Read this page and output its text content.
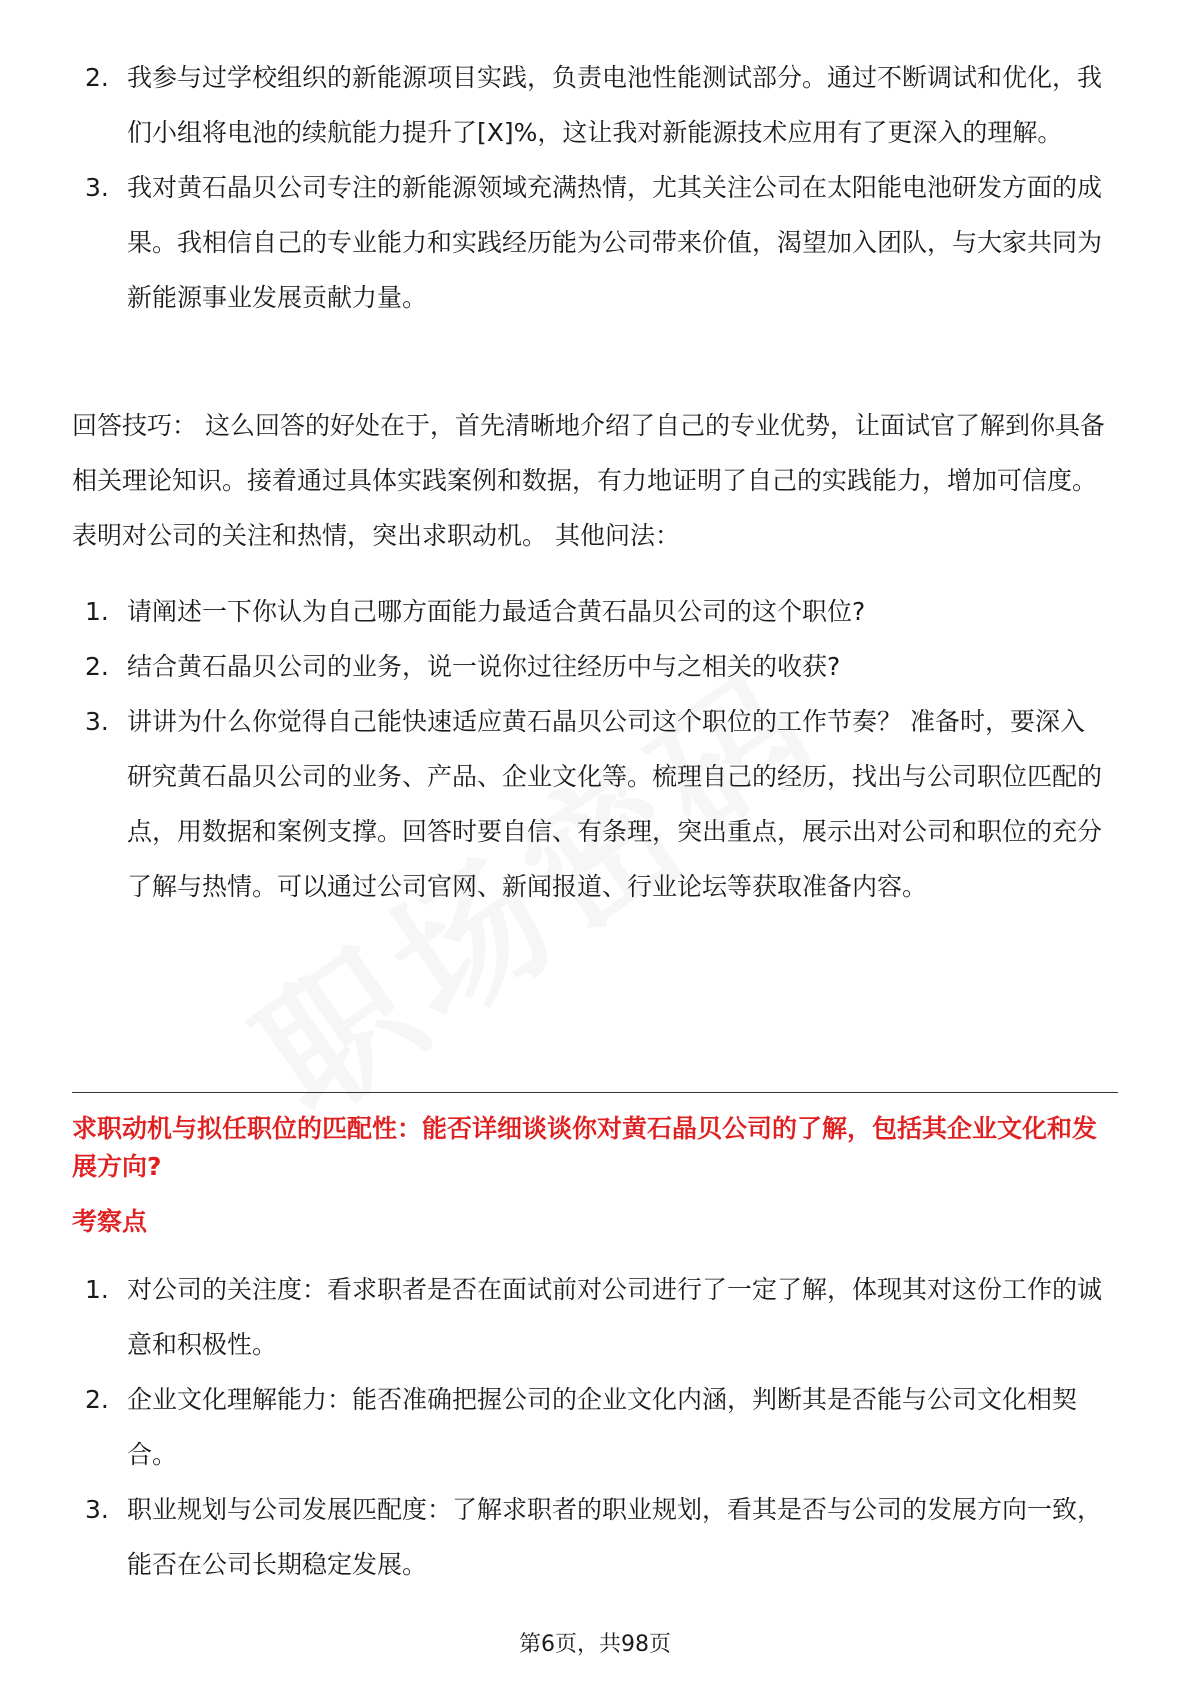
2. 我参与过学校组织的新能源项目实践，负责电池性能测试部分。通过不断调试和优化，我们小组将电池的续航能力提升了[X]%，这让我对新能源技术应用有了更深入的理解。
3. 我对黄石晶贝公司专注的新能源领域充满热情，尤其关注公司在太阳能电池研发方面的成果。我相信自己的专业能力和实践经历能为公司带来价值，渴望加入团队，与大家共同为新能源事业发展贡献力量。

回答技巧： 这么回答的好处在于，首先清晰地介绍了自己的专业优势，让面试官了解到你具备相关理论知识。接着通过具体实践案例和数据，有力地证明了自己的实践能力，增加可信度。表明对公司的关注和热情，突出求职动机。 其他问法：

1. 请阐述一下你认为自己哪方面能力最适合黄石晶贝公司的这个职位?
2. 结合黄石晶贝公司的业务，说一说你过往经历中与之相关的收获?
3. 讲讲为什么你觉得自己能快速适应黄石晶贝公司这个职位的工作节奏？ 准备时，要深入研究黄石晶贝公司的业务、产品、企业文化等。梳理自己的经历，找出与公司职位匹配的点，用数据和案例支撑。回答时要自信、有条理，突出重点，展示出对公司和职位的充分了解与热情。可以通过公司官网、新闻报道、行业论坛等获取准备内容。
求职动机与拟任职位的匹配性：能否详细谈谈你对黄石晶贝公司的了解，包括其企业文化和发展方向?
考察点
1. 对公司的关注度：看求职者是否在面试前对公司进行了一定了解，体现其对这份工作的诚意和积极性。
2. 企业文化理解能力：能否准确把握公司的企业文化内涵，判断其是否能与公司文化相契合。
3. 职业规划与公司发展匹配度：了解求职者的职业规划，看其是否与公司的发展方向一致，能否在公司长期稳定发展。
第6页，共98页
